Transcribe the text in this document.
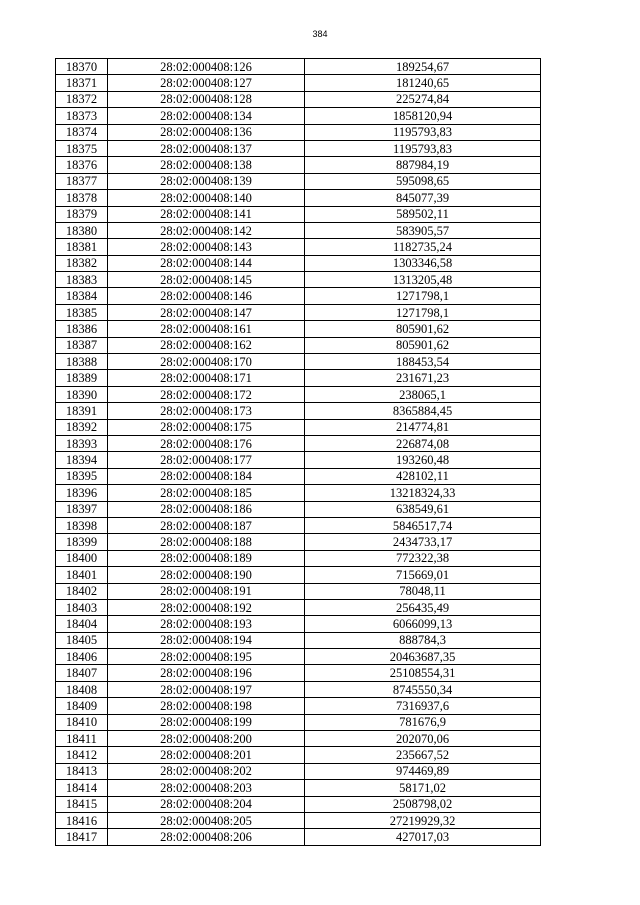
384
18370	28:02:000408:126	189254,67
18371	28:02:000408:127	181240,65
18372	28:02:000408:128	225274,84
18373	28:02:000408:134	1858120,94
18374	28:02:000408:136	1195793,83
18375	28:02:000408:137	1195793,83
18376	28:02:000408:138	887984,19
18377	28:02:000408:139	595098,65
18378	28:02:000408:140	845077,39
18379	28:02:000408:141	589502,11
18380	28:02:000408:142	583905,57
18381	28:02:000408:143	1182735,24
18382	28:02:000408:144	1303346,58
18383	28:02:000408:145	1313205,48
18384	28:02:000408:146	1271798,1
18385	28:02:000408:147	1271798,1
18386	28:02:000408:161	805901,62
18387	28:02:000408:162	805901,62
18388	28:02:000408:170	188453,54
18389	28:02:000408:171	231671,23
18390	28:02:000408:172	238065,1
18391	28:02:000408:173	8365884,45
18392	28:02:000408:175	214774,81
18393	28:02:000408:176	226874,08
18394	28:02:000408:177	193260,48
18395	28:02:000408:184	428102,11
18396	28:02:000408:185	13218324,33
18397	28:02:000408:186	638549,61
18398	28:02:000408:187	5846517,74
18399	28:02:000408:188	2434733,17
18400	28:02:000408:189	772322,38
18401	28:02:000408:190	715669,01
18402	28:02:000408:191	78048,11
18403	28:02:000408:192	256435,49
18404	28:02:000408:193	6066099,13
18405	28:02:000408:194	888784,3
18406	28:02:000408:195	20463687,35
18407	28:02:000408:196	25108554,31
18408	28:02:000408:197	8745550,34
18409	28:02:000408:198	7316937,6
18410	28:02:000408:199	781676,9
18411	28:02:000408:200	202070,06
18412	28:02:000408:201	235667,52
18413	28:02:000408:202	974469,89
18414	28:02:000408:203	58171,02
18415	28:02:000408:204	2508798,02
18416	28:02:000408:205	27219929,32
18417	28:02:000408:206	427017,03
